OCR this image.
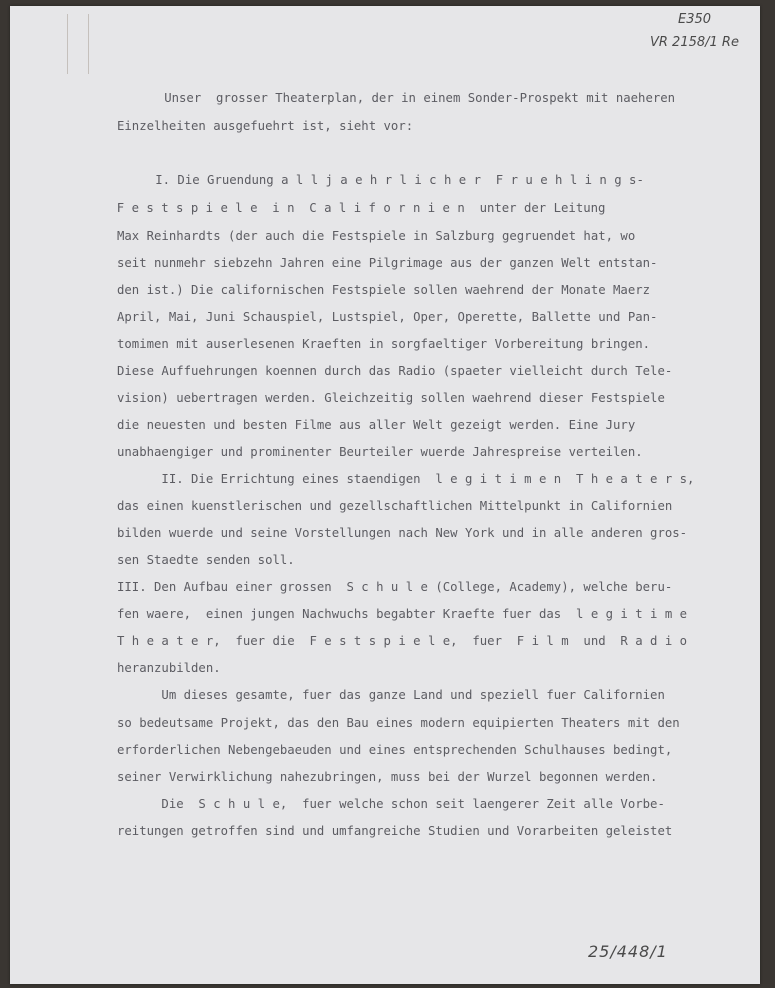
E350
VR 2158/1 Re
Unser  grosser Theaterplan, der in einem Sonder-Prospekt mit naeheren
Einzelheiten ausgefuehrt ist, sieht vor:
I. Die Gruendung a l l j a e h r l i c h e r  F r u e h l i n g s-
F e s t s p i e l e  i n  C a l i f o r n i e n  unter der Leitung
Max Reinhardts (der auch die Festspiele in Salzburg gegruendet hat, wo
seit nunmehr siebzehn Jahren eine Pilgrimage aus der ganzen Welt entstan-
den ist.) Die californischen Festspiele sollen waehrend der Monate Maerz
April, Mai, Juni Schauspiel, Lustspiel, Oper, Operette, Ballette und Pan-
tomimen mit auserlesenen Kraeften in sorgfaeltiger Vorbereitung bringen.
Diese Auffuehrungen koennen durch das Radio (spaeter vielleicht durch Tele-
vision) uebertragen werden. Gleichzeitig sollen waehrend dieser Festspiele
die neuesten und besten Filme aus aller Welt gezeigt werden. Eine Jury
unabhaengiger und prominenter Beurteiler wuerde Jahrespreise verteilen.
II. Die Errichtung eines staendigen  l e g i t i m e n  T h e a t e r s,
das einen kuenstlerischen und gezellschaftlichen Mittelpunkt in Californien
bilden wuerde und seine Vorstellungen nach New York und in alle anderen gros-
sen Staedte senden soll.
III. Den Aufbau einer grossen  S c h u l e (College, Academy), welche beru-
fen waere,  einen jungen Nachwuchs begabter Kraefte fuer das  l e g i t i m e
T h e a t e r,  fuer die  F e s t s p i e l e,  fuer  F i l m  und  R a d i o
heranzubilden.
Um dieses gesamte, fuer das ganze Land und speziell fuer Californien
so bedeutsame Projekt, das den Bau eines modern equipierten Theaters mit den
erforderlichen Nebengebaeuden und eines entsprechenden Schulhauses bedingt,
seiner Verwirklichung nahezubringen, muss bei der Wurzel begonnen werden.
Die  S c h u l e,  fuer welche schon seit laengerer Zeit alle Vorbe-
reitungen getroffen sind und umfangreiche Studien und Vorarbeiten geleistet
25/448/1
